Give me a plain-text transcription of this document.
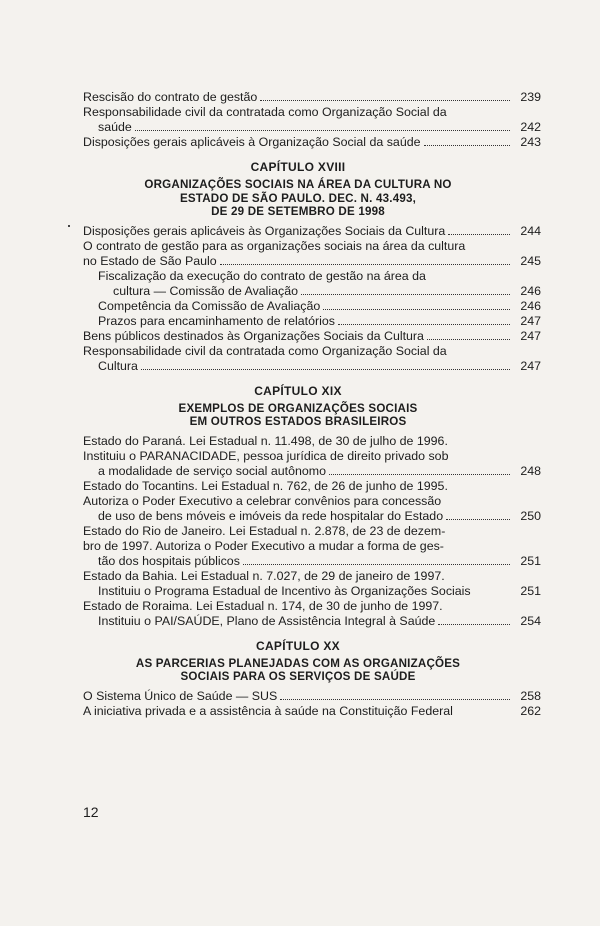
Rescisão do contrato de gestão	239
Responsabilidade civil da contratada como Organização Social da
saúde	242
Disposições gerais aplicáveis à Organização Social da saúde	243
CAPÍTULO XVIII
ORGANIZAÇÕES SOCIAIS NA ÁREA DA CULTURA NO
ESTADO DE SÃO PAULO. DEC. N. 43.493,
DE 29 DE SETEMBRO DE 1998
Disposições gerais aplicáveis às Organizações Sociais da Cultura	244
O contrato de gestão para as organizações sociais na área da cultura
no Estado de São Paulo	245
Fiscalização da execução do contrato de gestão na área da
cultura — Comissão de Avaliação	246
Competência da Comissão de Avaliação	246
Prazos para encaminhamento de relatórios	247
Bens públicos destinados às Organizações Sociais da Cultura	247
Responsabilidade civil da contratada como Organização Social da
Cultura	247
CAPÍTULO XIX
EXEMPLOS DE ORGANIZAÇÕES SOCIAIS
EM OUTROS ESTADOS BRASILEIROS
Estado do Paraná. Lei Estadual n. 11.498, de 30 de julho de 1996.
Instituiu o PARANACIDADE, pessoa jurídica de direito privado sob
a modalidade de serviço social autônomo	248
Estado do Tocantins. Lei Estadual n. 762, de 26 de junho de 1995.
Autoriza o Poder Executivo a celebrar convênios para concessão
de uso de bens móveis e imóveis da rede hospitalar do Estado	250
Estado do Rio de Janeiro. Lei Estadual n. 2.878, de 23 de dezem-
bro de 1997. Autoriza o Poder Executivo a mudar a forma de ges-
tão dos hospitais públicos	251
Estado da Bahia. Lei Estadual n. 7.027, de 29 de janeiro de 1997.
Instituiu o Programa Estadual de Incentivo às Organizações Sociais	251
Estado de Roraima. Lei Estadual n. 174, de 30 de junho de 1997.
Instituiu o PAI/SAÚDE, Plano de Assistência Integral à Saúde	254
CAPÍTULO XX
AS PARCERIAS PLANEJADAS COM AS ORGANIZAÇÕES
SOCIAIS PARA OS SERVIÇOS DE SAÚDE
O Sistema Único de Saúde — SUS	258
A iniciativa privada e a assistência à saúde na Constituição Federal	262
12
